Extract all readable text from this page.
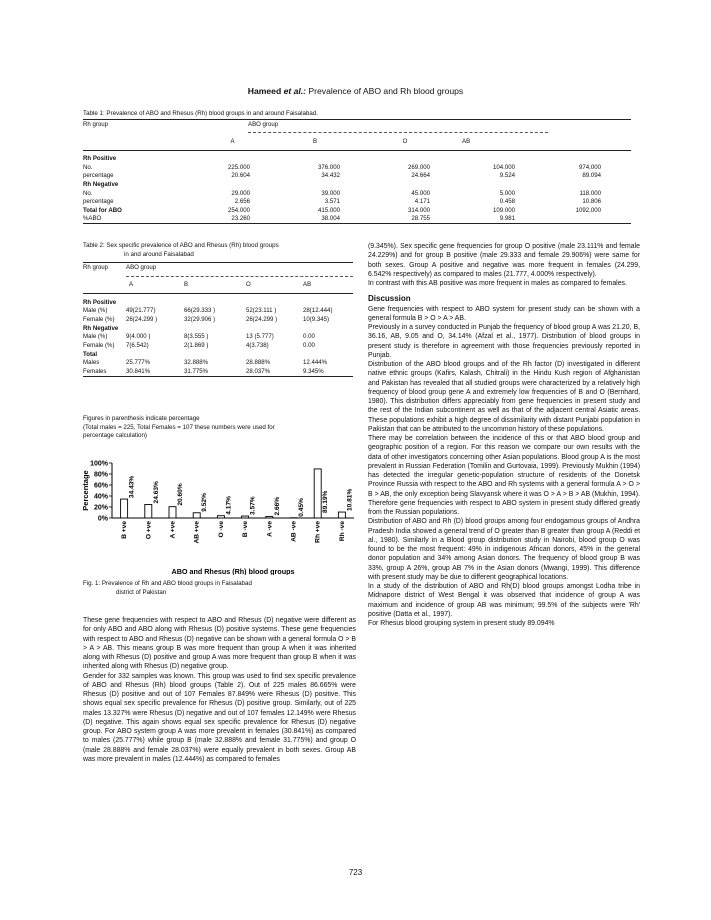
Hameed et al.: Prevalence of ABO and Rh blood groups
Table 1: Prevalence of ABO and Rhesus (Rh) blood groups in and around Faisalabad.
Rh group	ABO group				

	A	B	O	AB	

Rh Positive					
No.	225.000	376.000	269.000	104.000	974.000
percentage	20.604	34.432	24.664	9.524	89.094
Rh Negative					
No.	29.000	39.000	45.000	5.000	118.000
percentage	2.656	3.571	4.171	0.458	10.806
Total for ABO	254.000	415.000	314.000	109.000	1092.000
%ABO	23.260	38.004	28.755	9.981	
Table 2: Sex specific prevalence of ABO and Rhesus (Rh) blood groups
in and around Faisalabad
Rh group	ABO group			

	A	B	O	AB

Rh Positive				
Male (%)	49(21.777)	66(29.333 )	52(23.111 )	28(12.444)
Female (%)	26(24.299 )	32(29.906 )	26(24.299 )	10(9.345)
Rh Negative				
Male (%)	9(4.000 )	8(3.555 )	13 (5.777)	0.00
Female (%)	7(6.542)	2(1.869 )	4(3.738)	0.00
Total				
Males	25.777%	32.888%	28.888%	12.444%
Females	30.841%	31.775%	28.037%	9.345%
Figures in parenthesis indicate percentage
(Total males = 225, Total Females = 107 these numbers were used for
percentage calculation)
0%
20%
40%
60%
80%
100%
Percentage	34.43%
B +ve
24.63%
O +ve
20.60%
A +ve
9.52%
AB +ve
4.17%
O -ve
3.57%
B -ve
2.66%
A -ve
0.45%
AB -ve
89.19%
Rh +ve
10.81%
Rh -ve
ABO and Rhesus (Rh) blood groups
Fig. 1: Prevalence of Rh and ABO blood groups in Faisalabad
district of Pakistan

These gene frequencies with respect to ABO and Rhesus (D) negative were different as for only ABO and ABO along with Rhesus (D) positive systems. These gene frequencies with respect to ABO and Rhesus (D) negative can be shown with a general formula O > B > A > AB. This means group B was more frequent than group A when it was inherited along with Rhesus (D) positive and group A was more frequent than group B when it was inherited along with Rhesus (D) negative group.

Gender for 332 samples was known. This group was used to find sex specific prevalence of ABO and Rhesus (Rh) blood groups (Table 2). Out of 225 males 86.665% were Rhesus (D) positive and out of 107 Females 87.849% were Rhesus (D) positive. This shows equal sex specific prevalence for Rhesus (D) positive group. Similarly, out of 225 males 13.327% were Rhesus (D) negative and out of 107 females 12.149% were Rhesus (D) negative. This again shows equal sex specific prevalence for Rhesus (D) negative group. For ABO system group A was more prevalent in females (30.841%) as compared to males (25.777%) while group B (male 32.888% and female 31.775%) and group O (male 28.888% and female 28.037%) were equally prevalent in both sexes. Group AB was more prevalent in males (12.444%) as compared to females

(9.345%). Sex specific gene frequencies for group O positive (male 23.111% and female 24.229%) and for group B positive (male 29.333 and female 29.906%) were same for both sexes. Group A positive and negative was more frequent in females (24.299, 6.542% respectively) as compared to males (21.777, 4.000% respectively).

In contrast with this AB positive was more frequent in males as compared to females.

Discussion

Gene frequencies with respect to ABO system for present study can be shown with a general formula B > O > A > AB.

Previously in a survey conducted in Punjab the frequency of blood group A was 21.20, B, 36.16, AB, 9.05 and O, 34.14% (Afzal et al., 1977). Distribution of blood groups in present study is therefore in agreement with those frequencies previously reported in Punjab.

Distribution of the ABO blood groups and of the Rh factor (D) investigated in different native ethnic groups (Kafirs, Kalash, Chitrali) in the Hindu Kush region of Afghanistan and Pakistan has revealed that all studied groups were characterized by a relatively high frequency of blood group gene A and extremely low frequencies of B and O (Bernhard, 1980). This distribution differs appreciably from gene frequencies in present study and the rest of the Indian subcontinent as well as that of the adjacent central Asiatic areas. These populations exhibit a high degree of dissimilarity with distant Punjabi population in Pakistan that can be attributed to the uncommon history of these populations.

There may be correlation between the incidence of this or that ABO blood group and geographic position of a region. For this reason we compare our own results with the data of other investigators concerning other Asian populations. Blood group A is the most prevalent in Russian Federation (Tomilin and Gurtovaia, 1999). Previously Mukhin (1994) has detected the irregular genetic-population structure of residents of the Donetsk Province Russia with respect to the ABO and Rh systems with a general formula A > O > B > AB, the only exception being Slavyansk where it was O > A > B > AB (Mukhin, 1994). Therefore gene frequencies with respect to ABO system in present study differed greatly from the Russian populations.

Distribution of ABO and Rh (D) blood groups among four endogamous groups of Andhra Pradesh India showed a general trend of O greater than B greater than group A (Reddi et al., 1980). Similarly in a Blood group distribution study in Nairobi, blood group O was found to be the most frequent: 49% in indigenous African donors, 45% in the general donor population and 34% among Asian donors. The frequency of blood group B was 33%, group A 26%, group AB 7% in the Asian donors (Mwangi, 1999). This difference with present study may be due to different geographical locations.

In a study of the distribution of ABO and Rh(D) blood groups amongst Lodha tribe in Midnapore district of West Bengal it was observed that incidence of group A was maximum and incidence of group AB was minimum; 99.5% of the subjects were 'Rh' positive (Datta et al., 1997).

For Rhesus blood grouping system in present study 89.094%

723
